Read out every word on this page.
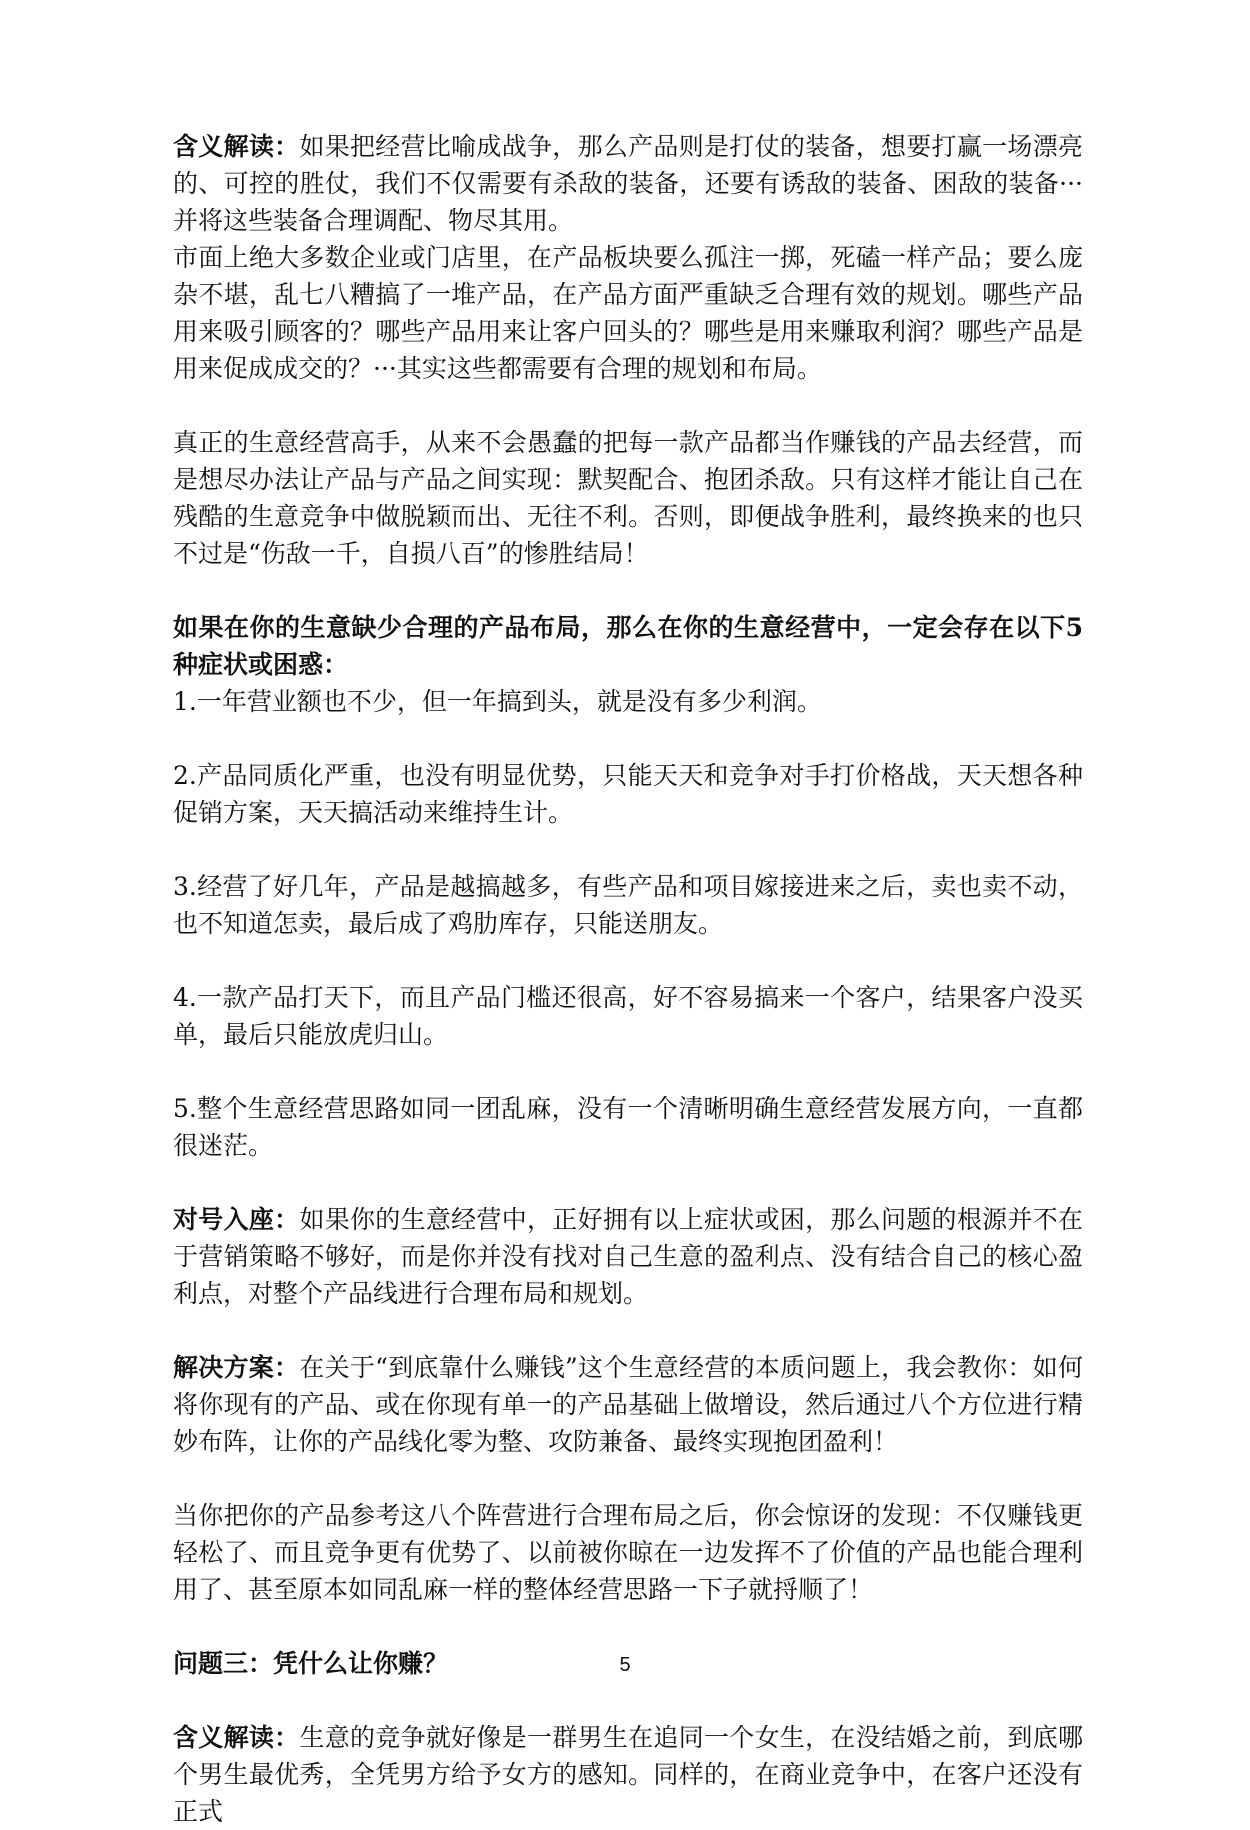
含义解读：如果把经营比喻成战争，那么产品则是打仗的装备，想要打赢一场漂亮的、可控的胜仗，我们不仅需要有杀敌的装备，还要有诱敌的装备、困敌的装备···并将这些装备合理调配、物尽其用。

市面上绝大多数企业或门店里，在产品板块要么孤注一掷，死磕一样产品；要么庞杂不堪，乱七八糟搞了一堆产品，在产品方面严重缺乏合理有效的规划。哪些产品用来吸引顾客的？哪些产品用来让客户回头的？哪些是用来赚取利润？哪些产品是用来促成成交的？···其实这些都需要有合理的规划和布局。

真正的生意经营高手，从来不会愚蠢的把每一款产品都当作赚钱的产品去经营，而是想尽办法让产品与产品之间实现：默契配合、抱团杀敌。只有这样才能让自己在残酷的生意竞争中做脱颖而出、无往不利。否则，即便战争胜利，最终换来的也只不过是“伤敌一千，自损八百”的惨胜结局！

如果在你的生意缺少合理的产品布局，那么在你的生意经营中，一定会存在以下5种症状或困惑：

1.一年营业额也不少，但一年搞到头，就是没有多少利润。

2.产品同质化严重，也没有明显优势，只能天天和竞争对手打价格战，天天想各种促销方案，天天搞活动来维持生计。

3.经营了好几年，产品是越搞越多，有些产品和项目嫁接进来之后，卖也卖不动，也不知道怎卖，最后成了鸡肋库存，只能送朋友。

4.一款产品打天下，而且产品门槛还很高，好不容易搞来一个客户，结果客户没买单，最后只能放虎归山。

5.整个生意经营思路如同一团乱麻，没有一个清晰明确生意经营发展方向，一直都很迷茫。

对号入座：如果你的生意经营中，正好拥有以上症状或困，那么问题的根源并不在于营销策略不够好，而是你并没有找对自己生意的盈利点、没有结合自己的核心盈利点，对整个产品线进行合理布局和规划。

解决方案：在关于“到底靠什么赚钱”这个生意经营的本质问题上，我会教你：如何将你现有的产品、或在你现有单一的产品基础上做增设，然后通过八个方位进行精妙布阵，让你的产品线化零为整、攻防兼备、最终实现抱团盈利！

当你把你的产品参考这八个阵营进行合理布局之后，你会惊讶的发现：不仅赚钱更轻松了、而且竞争更有优势了、以前被你晾在一边发挥不了价值的产品也能合理利用了、甚至原本如同乱麻一样的整体经营思路一下子就捋顺了！

问题三：凭什么让你赚？

含义解读：生意的竞争就好像是一群男生在追同一个女生，在没结婚之前，到底哪个男生最优秀，全凭男方给予女方的感知。同样的，在商业竞争中，在客户还没有正式

5
